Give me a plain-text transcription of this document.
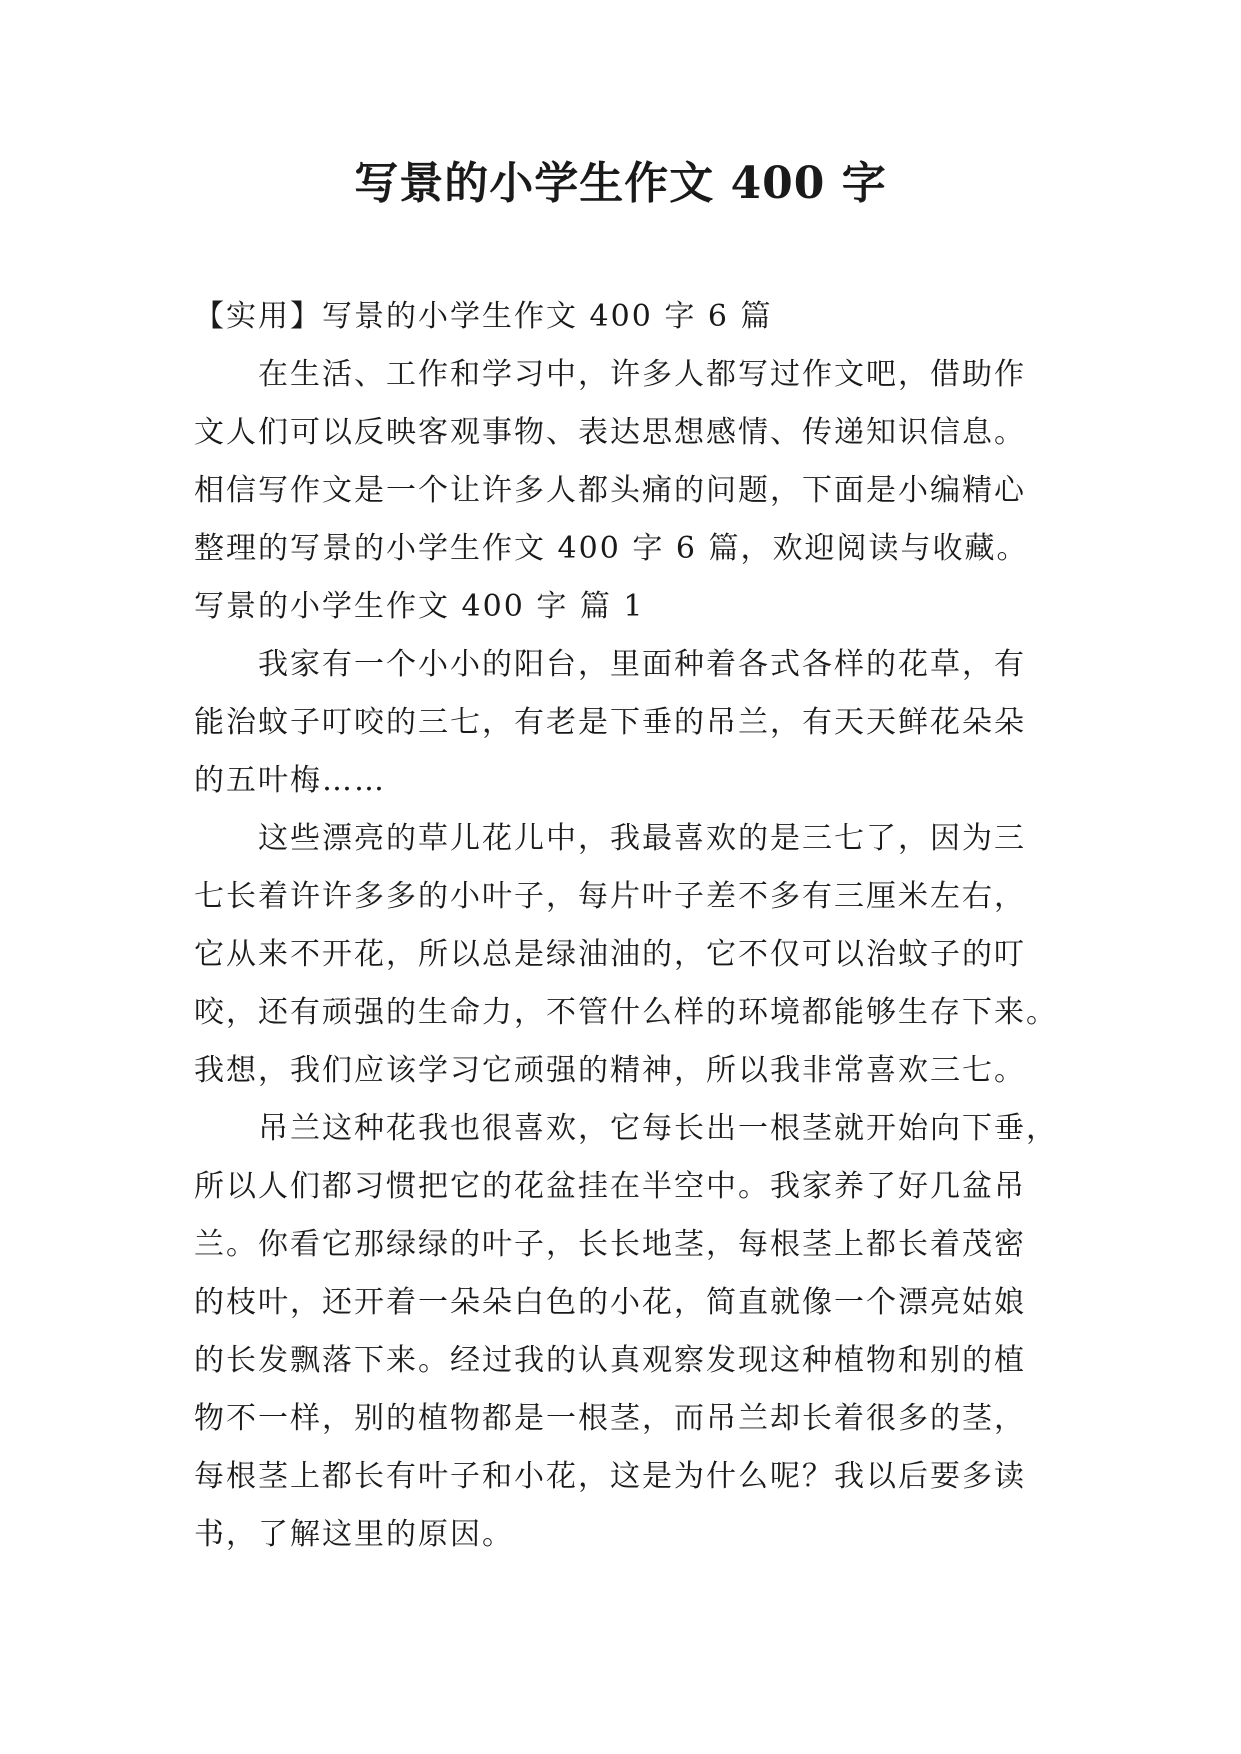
写景的小学生作文 400 字
【实用】写景的小学生作文 400 字 6 篇
在生活、工作和学习中，许多人都写过作文吧，借助作
文人们可以反映客观事物、表达思想感情、传递知识信息。
相信写作文是一个让许多人都头痛的问题，下面是小编精心
整理的写景的小学生作文 400 字 6 篇，欢迎阅读与收藏。
写景的小学生作文 400 字 篇 1
我家有一个小小的阳台，里面种着各式各样的花草，有
能治蚊子叮咬的三七，有老是下垂的吊兰，有天天鲜花朵朵
的五叶梅……
这些漂亮的草儿花儿中，我最喜欢的是三七了，因为三
七长着许许多多的小叶子，每片叶子差不多有三厘米左右，
它从来不开花，所以总是绿油油的，它不仅可以治蚊子的叮
咬，还有顽强的生命力，不管什么样的环境都能够生存下来。
我想，我们应该学习它顽强的精神，所以我非常喜欢三七。
吊兰这种花我也很喜欢，它每长出一根茎就开始向下垂，
所以人们都习惯把它的花盆挂在半空中。我家养了好几盆吊
兰。你看它那绿绿的叶子，长长地茎，每根茎上都长着茂密
的枝叶，还开着一朵朵白色的小花，简直就像一个漂亮姑娘
的长发飘落下来。经过我的认真观察发现这种植物和别的植
物不一样，别的植物都是一根茎，而吊兰却长着很多的茎，
每根茎上都长有叶子和小花，这是为什么呢？我以后要多读
书，了解这里的原因。
